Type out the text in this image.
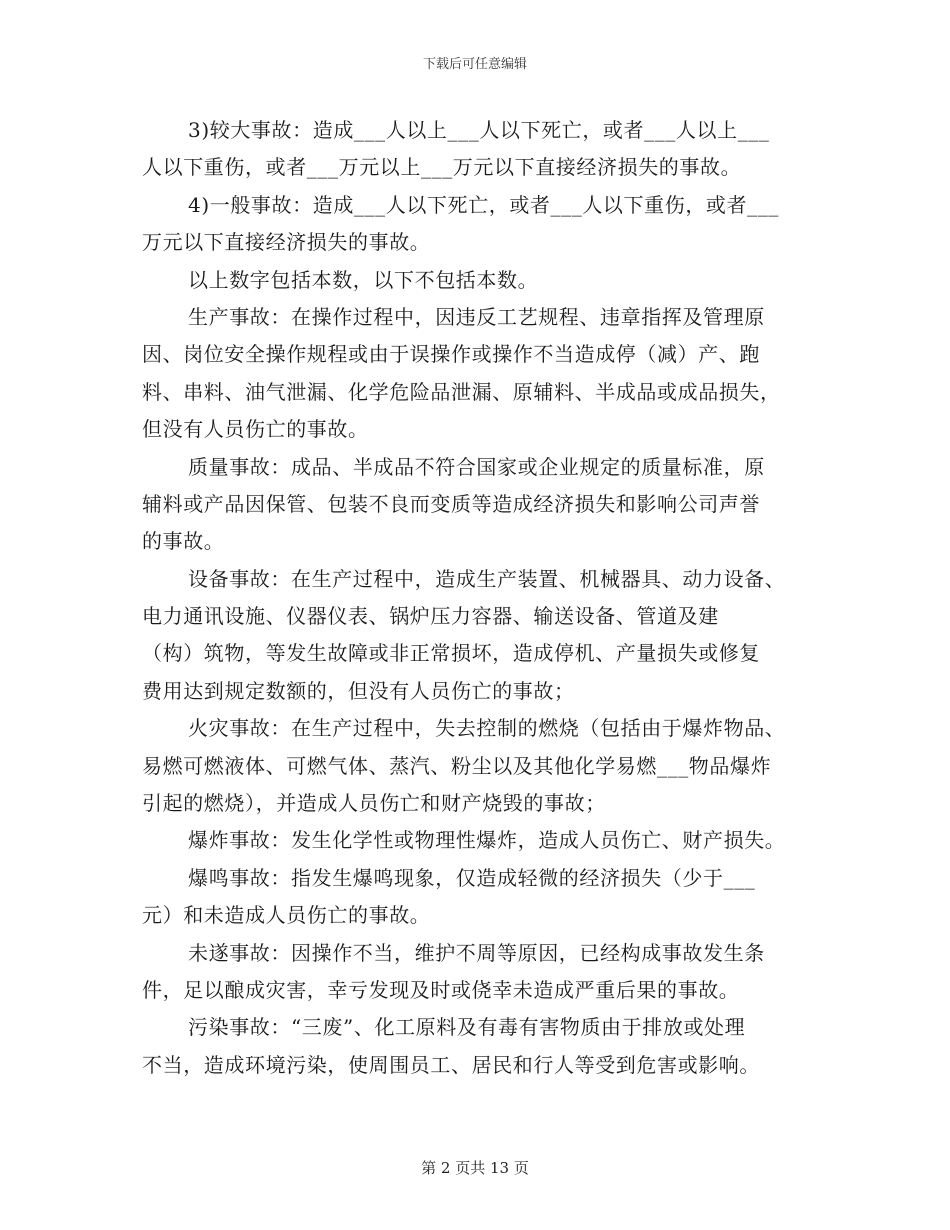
下载后可任意编辑
3)较大事故：造成___人以上___人以下死亡，或者___人以上___
人以下重伤，或者___万元以上___万元以下直接经济损失的事故。
4)一般事故：造成___人以下死亡，或者___人以下重伤，或者___
万元以下直接经济损失的事故。
以上数字包括本数，以下不包括本数。
生产事故：在操作过程中，因违反工艺规程、违章指挥及管理原
因、岗位安全操作规程或由于误操作或操作不当造成停（减）产、跑
料、串料、油气泄漏、化学危险品泄漏、原辅料、半成品或成品损失，
但没有人员伤亡的事故。
质量事故：成品、半成品不符合国家或企业规定的质量标准，原
辅料或产品因保管、包装不良而变质等造成经济损失和影响公司声誉
的事故。
设备事故：在生产过程中，造成生产装置、机械器具、动力设备、
电力通讯设施、仪器仪表、锅炉压力容器、输送设备、管道及建
（构）筑物，等发生故障或非正常损坏，造成停机、产量损失或修复
费用达到规定数额的，但没有人员伤亡的事故；
火灾事故：在生产过程中，失去控制的燃烧（包括由于爆炸物品、
易燃可燃液体、可燃气体、蒸汽、粉尘以及其他化学易燃___物品爆炸
引起的燃烧），并造成人员伤亡和财产烧毁的事故；
爆炸事故：发生化学性或物理性爆炸，造成人员伤亡、财产损失。
爆鸣事故：指发生爆鸣现象，仅造成轻微的经济损失（少于___
元）和未造成人员伤亡的事故。
未遂事故：因操作不当，维护不周等原因，已经构成事故发生条
件，足以酿成灾害，幸亏发现及时或侥幸未造成严重后果的事故。
污染事故：“三废”、化工原料及有毒有害物质由于排放或处理
不当，造成环境污染，使周围员工、居民和行人等受到危害或影响。
第 2 页共 13 页
